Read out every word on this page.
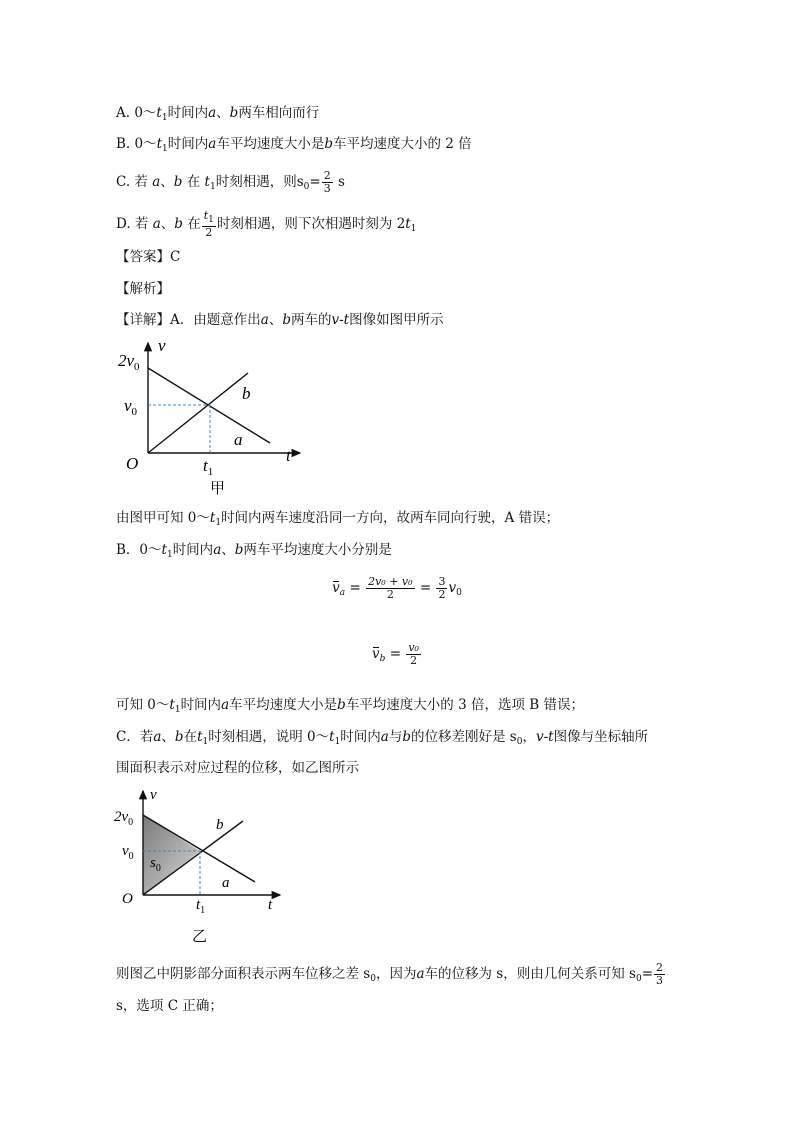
A. $0\sim t_1$时间内a、b两车相向而行
B. $0\sim t_1$时间内a车平均速度大小是b车平均速度大小的 2 倍
C. 若 a、b 在 $t_1$时刻相遇，则$s_0= \frac{2}{3}$ s
D. 若 a、b 在 $\frac{t_1}{2}$ 时刻相遇，则下次相遇时刻为 $2t_1$
【答案】C
【解析】
【详解】A．由题意作出a、b两车的v-t图像如图甲所示
v
t
O
$2v_0$
$v_0$
$t_1$
b
a
甲
由图甲可知 $0\sim t_1$时间内两车速度沿同一方向，故两车同向行驶，A 错误；
B．$0\sim t_1$时间内a、b两车平均速度大小分别是
$v_a = \frac{\text{2v₀ + v₀}}{2} = \frac{3}{2} v_0$
$v_b = \frac{\text{v₀}}{2}$
可知 $0\sim t_1$时间内a车平均速度大小是b车平均速度大小的 3 倍，选项 B 错误；
C．若a、b在$t_1$时刻相遇，说明 $0\sim t_1$时间内a与b的位移差刚好是 $s_0$，v-t图像与坐标轴所
围面积表示对应过程的位移，如乙图所示
v
t
O
$2v_0$
$v_0$ $s_0$
$t_1$
b
a
乙
则图乙中阴影部分面积表示两车位移之差 $s_0$，因为a车的位移为 s，则由几何关系可知 $s_0= \frac{2}{3}$
s，选项 C 正确；
